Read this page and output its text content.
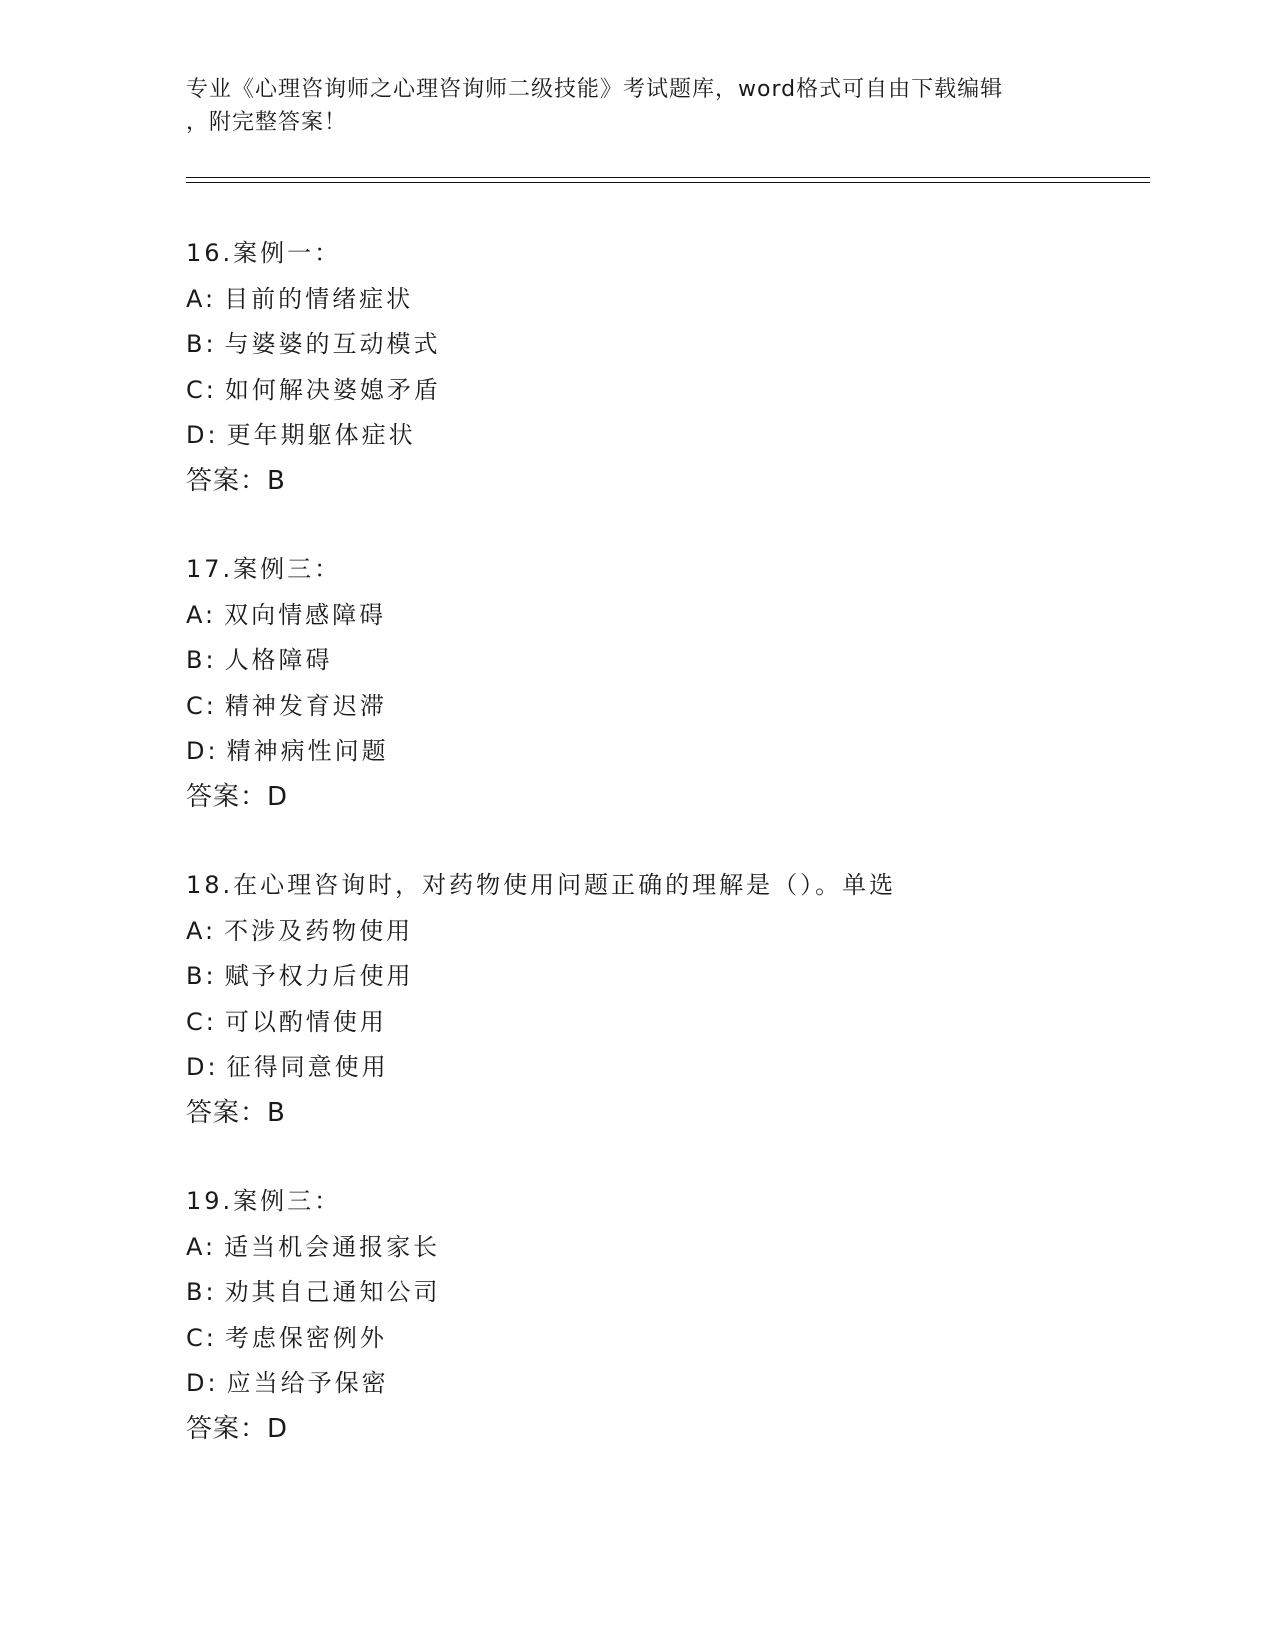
专业《心理咨询师之心理咨询师二级技能》考试题库，word格式可自由下载编辑
，附完整答案！
16.案例一：
A: 目前的情绪症状
B: 与婆婆的互动模式
C: 如何解决婆媳矛盾
D: 更年期躯体症状
答案：B
17.案例三：
A: 双向情感障碍
B: 人格障碍
C: 精神发育迟滞
D: 精神病性问题
答案：D
18.在心理咨询时，对药物使用问题正确的理解是（）。单选
A: 不涉及药物使用
B: 赋予权力后使用
C: 可以酌情使用
D: 征得同意使用
答案：B
19.案例三：
A: 适当机会通报家长
B: 劝其自己通知公司
C: 考虑保密例外
D: 应当给予保密
答案：D
